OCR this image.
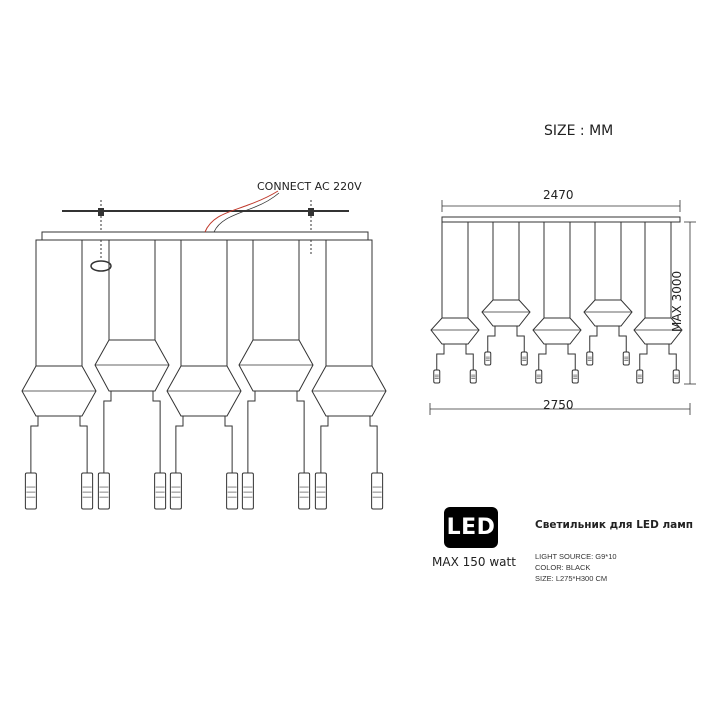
SIZE : MM
CONNECT AC 220V
2470
2750
MAX 3000
LED
MAX 150 watt
Светильник для LED ламп
LIGHT SOURCE: G9*10
COLOR: BLACK
SIZE: L275*H300 CM
